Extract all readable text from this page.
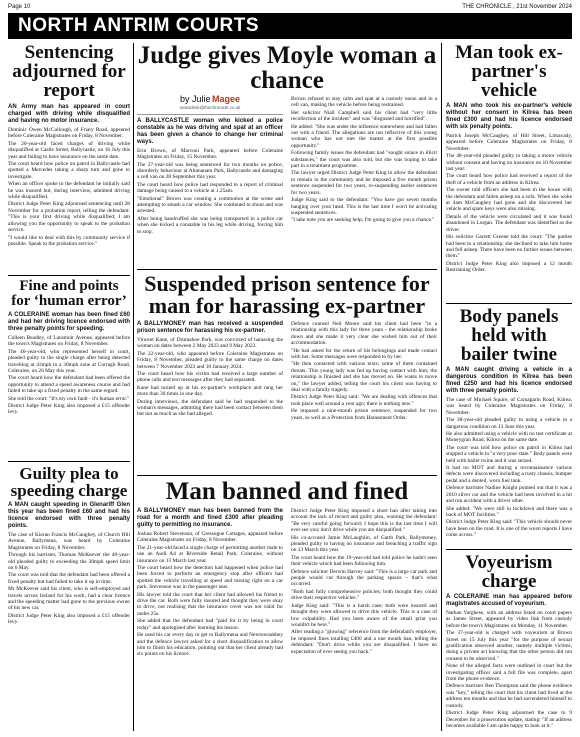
Page 10	THE CHRONICLE , 21st November 2024
NORTH ANTRIM COURTS
Sentencing adjourned for report
AN Army man has appeared in court charged with driving while disqualified and having no motor insurance.

Dominic Owen McCullough, of Friary Road, appeared before Coleraine Magistrates on Friday, 8 November.

The 20-year-old faced charges of driving while disqualified at Castle Street, Ballycastle, on 16 July this year and failing to have insurance on the same date.

The court heard how police on patrol in Ballycastle had spotted a Mercedes taking a sharp turn and gone to investigate.

When an officer spoke to the defendant he initially said he was insured but, during interview, admitted driving while disqualified.

District Judge Peter King adjourned sentencing until 28 November for a probation report, telling the defendant: "This is your first driving while disqualified; I am allowing you the opportunity to speak to the probation service.

"I would like to deal with this by community service if possible. Speak to the probation service."

Fine and points for ‘human error’
A COLERAINE woman has been fined £60 and had her driving licence endorsed with three penalty points for speeding.

Colleen Beadley, of Lansmuir Avenue, appeared before the town's Magistrates on Friday, 8 November.

The 46-year-old, who represented herself in court, pleaded guilty to the single charge after being detected travelling at 43mph in a 30mph zone at Curragh Road, Coleraine, on 26 May this year.

The court heard how the defendant had been offered the opportunity to attend a speed awareness course and had failed to take up a fixed penalty in the same regard.

She told the court: "It's my own fault - it's human error."

District Judge Peter King also imposed a £15 offender levy.

Guilty plea to speeding charge
A MAN caught speeding in Glenariff Glen this year has been fined £60 and had his licence endorsed with three penalty points.

The case of Kieran Francis McGaughey, of Church Hill Avenue, Ballymena, was heard by Coleraine Magistrates on Friday, 8 November.

Through his barrister, Thomas McKeever the 40-year-old pleaded guilty to exceeding the 30mph speed limit on 6 May.

The court was told that the defendant had been offered a fixed penalty but had failed to take it up in time.

Mr McKeever said his client, who is self-employed and travels across Ireland for his work, had a clear licence and the speeding matter had gone to the previous owner of his new car.

District Judge Peter King also imposed a £15 offender levy.

Judge gives Moyle woman a chance
by Julie Magee
newsdesk@thechronicle.co.uk
A BALLYCASTLE woman who kicked a police constable as he was driving and spat at an officer has been given a chance to change her criminal ways.

Erin Brown, of Marconi Park, appeared before Coleraine Magistrates on Friday, 15 November.

The 27-year-old was being sentenced for two months on police, disorderly behaviour at Altananam Park, Ballycastle and damaging a cell van on 28 September this year.

The court heard how police had responded to a report of criminal damage being caused to a vehicle at 1.25am.

"Emotional" Brown was creating a commotion at the scene and attempting to smash a car window. She continued to shout and was arrested.

After being handcuffed she was being transported in a police car when she kicked a constable in his leg while driving, forcing him to stop.

Brown refused to stay calm and spat at a custody nurse and in a cell van, making the vehicle before being restrained.

Her solicitor Niall Campbell said his client had "very little recollection of the incident" and was "disgusted and horrified".

He added: "She was under the influence somewhere and had fallen out with a friend. The allegations are not reflective of this young woman who has not met the matter at the first possible opportunity."

Following family issues the defendant had "sought solace in illicit substances," the court was also told, but she was hoping to take part in a treatment programme.

The lawyer urged District Judge Peter King to allow the defendant to remain in the community and he imposed a five month prison sentence suspended for two years, re-suspending earlier sentences for two years.

Judge King said to the defendant: "You have got seven months hanging over your head. This is the last time I won't be activating suspended sentences.

"I take note you are seeking help; I'm going to give you a chance."

Suspended prison sentence for man for harassing ex-partner
A BALLYMONEY man has received a suspended prison sentence for harassing his ex-partner.

Vincent Kane, of Drumahoe Park, was convicted of harassing the woman on dates between 2 May 2023 and 9 May 2023.

The 22-year-old, who appeared before Coleraine Magistrates on Friday, 8 November, pleaded guilty to the same charge on dates between 7 November 2023 and 10 January 2024.

The court heard how his victim had received a large number of phone calls and text messages after they had separated.

Kane had turned up at his ex-partner's workplace and rang her more than 30 times in one day.

During interviews, the defendant said he had responded to the woman's messages, admitting there had been contact between them but not as much as she had alleged.

Defence counsel Neil Moore said his client had been "in a relationship with this lady for three years - the relationship broke down and she made it very clear she wished him out of their accommodation.

"He had asked for the return of his belongings and made contact with her. Some messages were responded to by her.

"He then contacted with various texts; some of them contained threats. This young lady was fed up having contact with him; the relationship is finished and she has moved on. He wants to move on," the lawyer added, telling the court his client was having to deal with a family tragedy.

District Judge Peter King said: "We are dealing with offences that took place well around a year ago; there is nothing new."

He imposed a nine-month prison sentence, suspended for two years, as well as a Protection from Harassment Order.

Man banned and fined
A BALLYMONEY man has been banned from the road for a month and fined £300 after pleading guilty to permitting no insurance.

Joshua Robert Stevenson, of Gressogue Cottages, appeared before Coleraine Magistrates on Friday, 8 November.

The 21-year-old faced a single charge of permitting another male to use an Audi A4 at Riverside Retail Park, Coleraine, without insurance on 13 March last year.

The court heard how the detection had happened when police had been forced to perform an emergency stop after officers had spotted the vehicle travelling at speed and turning right on a car park. Stevenson was in the passenger seat.

His lawyer told the court that her client had allowed his friend to drive the car. Both were fully insured and thought they were okay to drive, not realising that the insurance cover was not valid for under 25s.

She added that the defendant had "paid for it by being in court today" and apologised after learning his lesson.

He used his car every day to get to Ballymena and Newtownabbey and the defence lawyer asked for a short disqualification to allow him to finish his education, pointing out that her client already had six points on his licence.

District Judge Peter King imposed a short ban after taking into account the lack of record and guilty plea, warning the defendant: "Be very careful going forward; I hope this is the last time I will ever see you; don't drive while you are disqualified."

His co-accused Jamie McLaughlin, of Garth Park, Ballymoney, pleaded guilty to having no insurance and breaching a traffic sign on 13 March this year.

The court heard how the 19-year-old had told police he hadn't seen their vehicle which had been following him.

Defence solicitor Derwin Harvey said: "This is a large car park and people would cut through the parking spaces – that's what occurred.

"Both had fully comprehensive policies; both thought they could drive their respective vehicles."

Judge King said: "This is a harsh case; both were insured and thought they were allowed to drive this vehicle. This is a case of low culpability. Had you been aware of the small print you wouldn't be here."

After reading a "glowing" reference from the defendant's employer, he imposed fines totalling £400 and a one month ban, telling the defendant: "Don't drive while you are disqualified. I have no expectation of ever seeing you back."

Man took ex-partner's vehicle
A MAN who took his ex-partner's vehicle without her consent in Kilrea has been fined £300 and had his licence endorsed with six penalty points.

Patrick Joseph McCaughey, of Hill Street, Limavady, appeared before Coleraine Magistrates on Friday, 8 November.

The 48-year-old pleaded guilty to taking a motor vehicle without consent and having no insurance on 10 November last year.

The court heard how police had received a report of the theft of a vehicle from an address in Kilrea.

The owner told officers she had been in the house with the defendant and fallen asleep on a sofa. When she woke at 4am McCaughey had gone and she discovered her vehicle and spare keys were also missing.

Details of the vehicle were circulated and it was found abandoned in Lurgan. The defendant was identified as the driver.

His solicitor Garrett Greene told the court: "The parties had been in a relationship; she declined to take him home and fell asleep. There have been no further issues between them."

District Judge Peter King also imposed a 12 month Restraining Order.

Body panels held with bailer twine
A MAN caught driving a vehicle in a dangerous condition in Kilrea has been fined £250 and had his licence endorsed with three penalty points.

The case of Michael Squire, of Carnagarin Road, Kilrea, was heard by Coleraine Magistrates on Friday, 8 November.

The 38-year-old pleaded guilty to using a vehicle in a dangerous condition on 13 June this year.

He also admitted using a vehicle with no test certificate at Moneygran Road, Kilrea on the same date.

The court was told how police on patrol in Kilrea had stopped a vehicle in "a very poor state." Body panels were held with bailer twine and it was seized.

It had no MOT and during a reconnaissance various defects were discovered including a rusty chassis, bumper pedal and a dented, worn fuel tank.

Defence barrister Nadine Knight pointed out that it was a 2010 silver car and the vehicle had been involved in a hit and run accident with a driver other.

She added: "We were still in lockdown and there was a back of MOT facilities."

District Judge Peter King said: "This vehicle should never have been on the road. It is one of the worst reports I have come across."

Voyeurism charge
A COLERAINE man has appeared before magistrates accused of voyeurism.

Nathan Varghese, with an address listed on court papers as James Street, appeared by video link from custody before the town's Magistrates on Monday, 11 November.

The 37-year-old is charged with voyeurism at Brown Street on 15 July this year "for the purpose of sexual gratification observed another, namely multiple victims, doing a private act knowing that the other person did not consent to be observed."

None of the alleged facts were outlined in court but the investigating officer said a full file was complete, apart from the phone evidence.

Defence barrister Ben Thompson said the phone evidence was "key," telling the court that his client had lived at the address ten months and that he had surrendered himself to custody.

District Judge Peter King adjourned the case to 9 December for a prosecution update, stating: "If an address becomes available I am quite happy to look at it."
